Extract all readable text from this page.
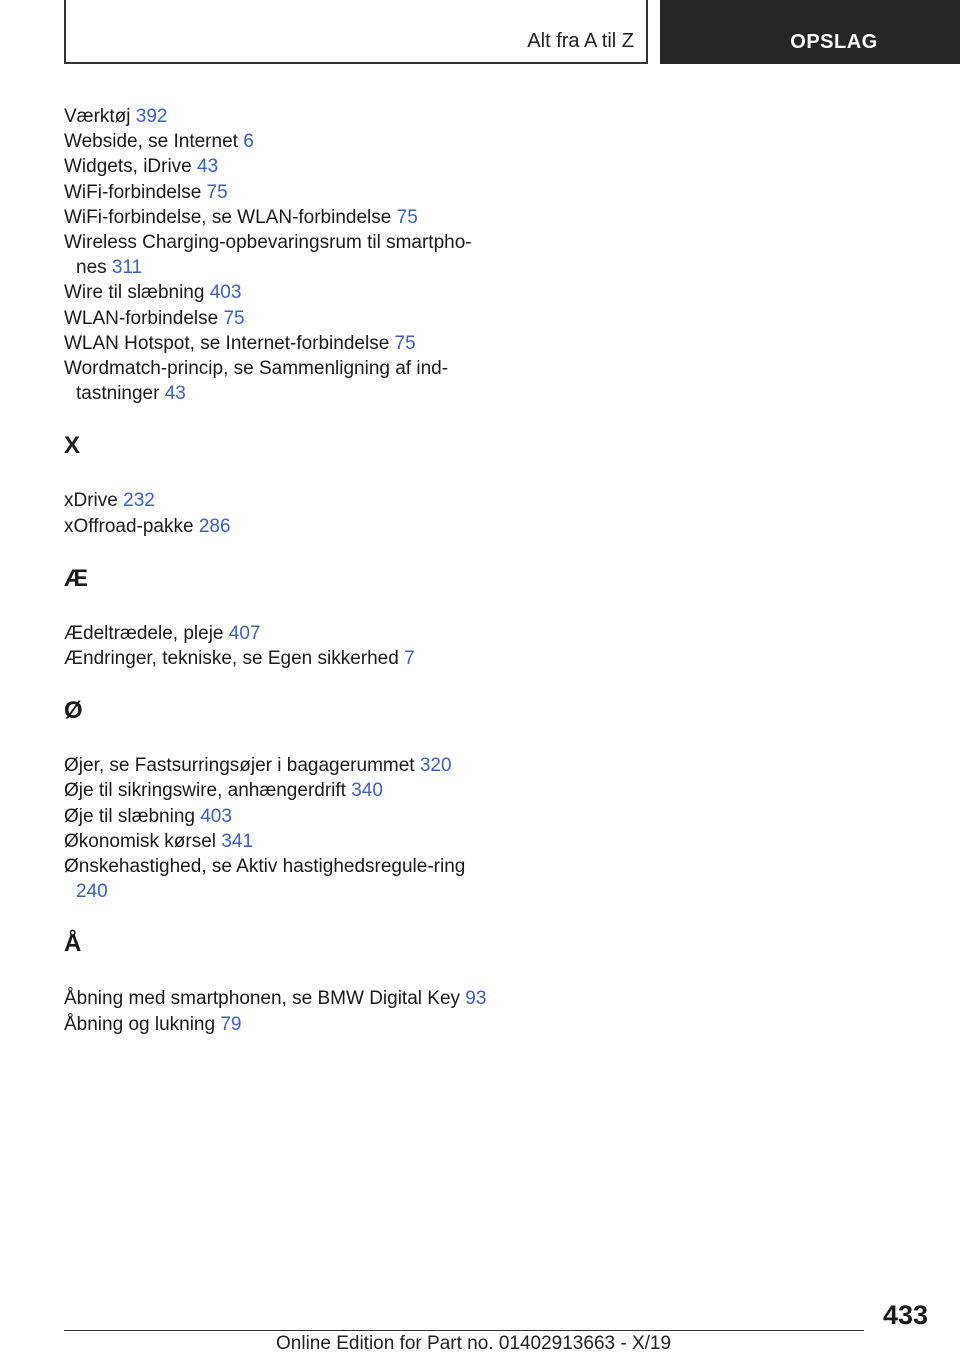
Alt fra A til Z	OPSLAG
Værktøj 392
Webside, se Internet 6
Widgets, iDrive 43
WiFi-forbindelse 75
WiFi-forbindelse, se WLAN-forbindelse 75
Wireless Charging-opbevaringsrum til smartpho-nes 311
Wire til slæbning 403
WLAN-forbindelse 75
WLAN Hotspot, se Internet-forbindelse 75
Wordmatch-princip, se Sammenligning af ind-tastninger 43
X
xDrive 232
xOffroad-pakke 286
Æ
Ædeltrædele, pleje 407
Ændringer, tekniske, se Egen sikkerhed 7
Ø
Øjer, se Fastsurringsøjer i bagagerummet 320
Øje til sikringswire, anhængerdrift 340
Øje til slæbning 403
Økonomisk kørsel 341
Ønskehastighed, se Aktiv hastighedsregule-ring 240
Å
Åbning med smartphonen, se BMW Digital Key 93
Åbning og lukning 79
433
Online Edition for Part no. 01402913663 - X/19
